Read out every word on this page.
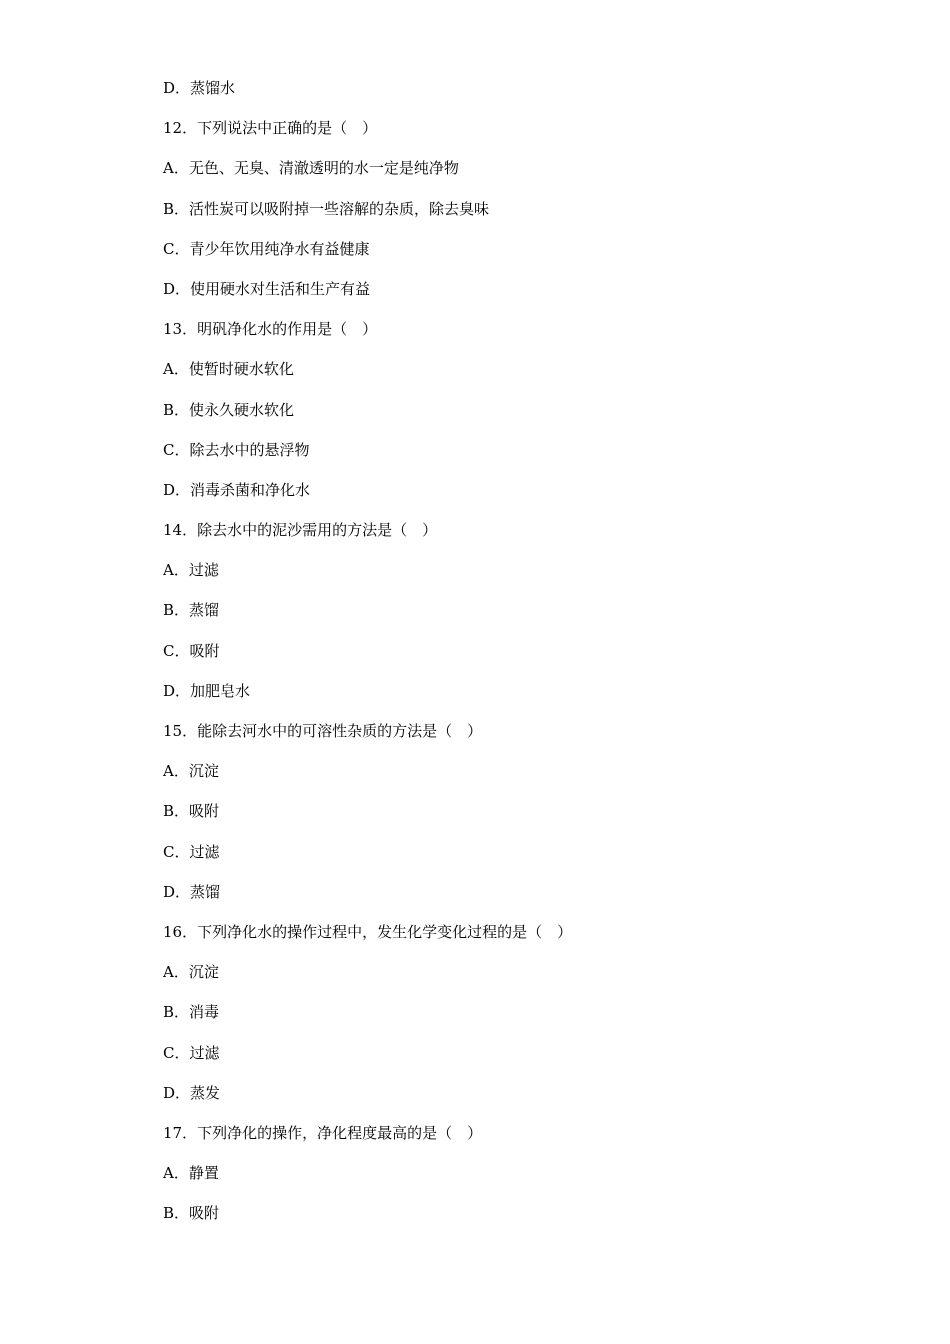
D．蒸馏水
12．下列说法中正确的是（　）
A．无色、无臭、清澈透明的水一定是纯净物
B．活性炭可以吸附掉一些溶解的杂质，除去臭味
C．青少年饮用纯净水有益健康
D．使用硬水对生活和生产有益
13．明矾净化水的作用是（　）
A．使暂时硬水软化
B．使永久硬水软化
C．除去水中的悬浮物
D．消毒杀菌和净化水
14．除去水中的泥沙需用的方法是（　）
A．过滤
B．蒸馏
C．吸附
D．加肥皂水
15．能除去河水中的可溶性杂质的方法是（　）
A．沉淀
B．吸附
C．过滤
D．蒸馏
16．下列净化水的操作过程中，发生化学变化过程的是（　）
A．沉淀
B．消毒
C．过滤
D．蒸发
17．下列净化的操作，净化程度最高的是（　）
A．静置
B．吸附
